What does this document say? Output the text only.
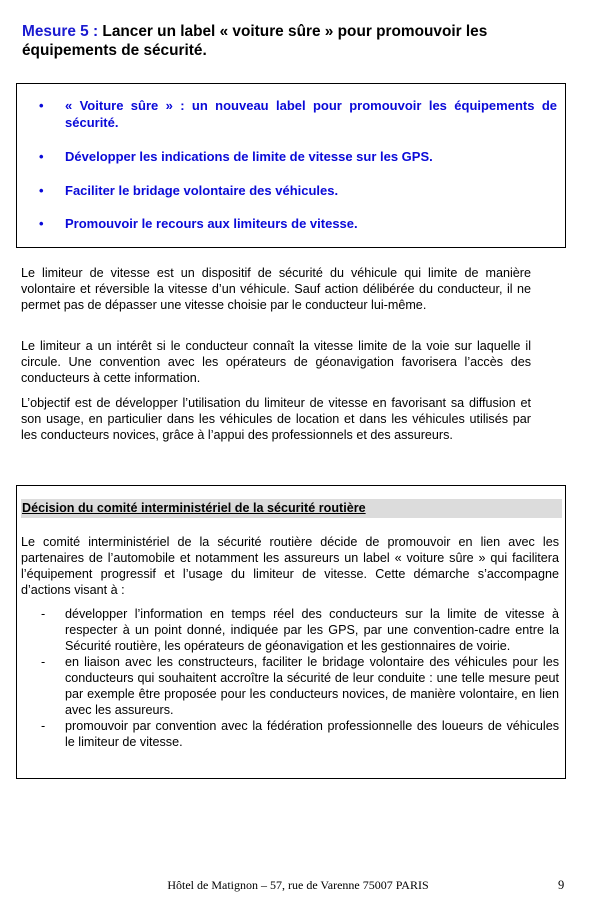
Mesure 5 : Lancer un label « voiture sûre » pour promouvoir les équipements de sécurité.
• « Voiture sûre » : un nouveau label pour promouvoir les équipements de sécurité.
• Développer les indications de limite de vitesse sur les GPS.
• Faciliter le bridage volontaire des véhicules.
• Promouvoir le recours aux limiteurs de vitesse.

Le limiteur de vitesse est un dispositif de sécurité du véhicule qui limite de manière volontaire et réversible la vitesse d’un véhicule. Sauf action délibérée du conducteur, il ne permet pas de dépasser une vitesse choisie par le conducteur lui-même.

Le limiteur a un intérêt si le conducteur connaît la vitesse limite de la voie sur laquelle il circule. Une convention avec les opérateurs de géonavigation favorisera l’accès des conducteurs à cette information.

L’objectif est de développer l’utilisation du limiteur de vitesse en favorisant sa diffusion et son usage, en particulier dans les véhicules de location et dans les véhicules utilisés par les conducteurs novices, grâce à l’appui des professionnels et des assureurs.

Décision du comité interministériel de la sécurité routière

Le comité interministériel de la sécurité routière décide de promouvoir en lien avec les partenaires de l’automobile et notamment les assureurs un label « voiture sûre » qui facilitera l’équipement progressif et l’usage du limiteur de vitesse. Cette démarche s’accompagne d’actions visant à :

- développer l’information en temps réel des conducteurs sur la limite de vitesse à respecter à un point donné, indiquée par les GPS, par une convention-cadre entre la Sécurité routière, les opérateurs de géonavigation et les gestionnaires de voirie.
- en liaison avec les constructeurs, faciliter le bridage volontaire des véhicules pour les conducteurs qui souhaitent accroître la sécurité de leur conduite : une telle mesure peut par exemple être proposée pour les conducteurs novices, de manière volontaire, en lien avec les assureurs.
- promouvoir par convention avec la fédération professionnelle des loueurs de véhicules le limiteur de vitesse.
Hôtel de Matignon – 57, rue de Varenne 75007 PARIS	9
